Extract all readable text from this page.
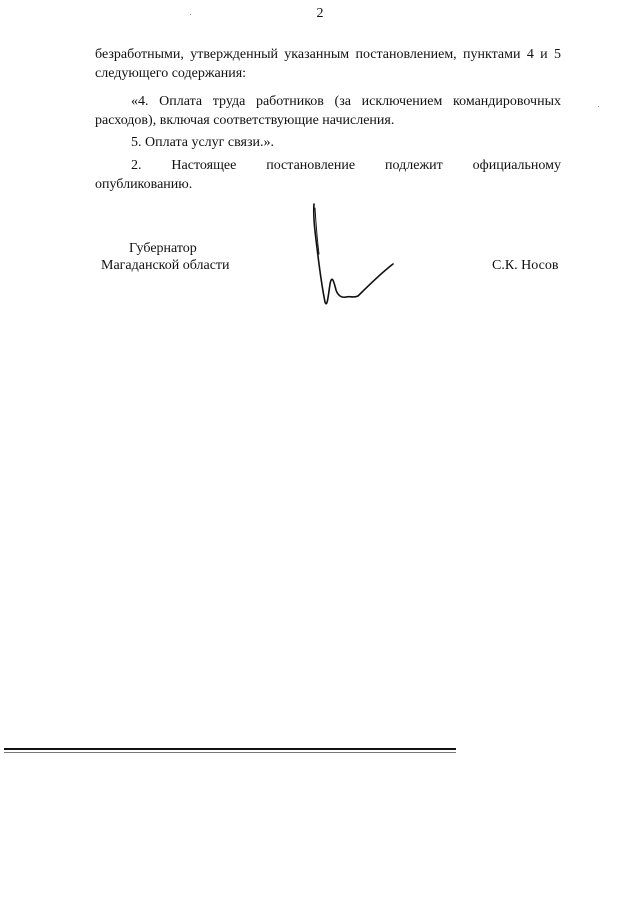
2

безработными, утвержденный указанным постановлением, пунктами 4 и 5
следующего содержания:

«4. Оплата труда работников (за исключением командировочных
расходов), включая соответствующие начисления.

5. Оплата услуг связи.».

2. Настоящее постановление подлежит официальному
опубликованию.

Губернатор
Магаданской области	С.К. Носов
